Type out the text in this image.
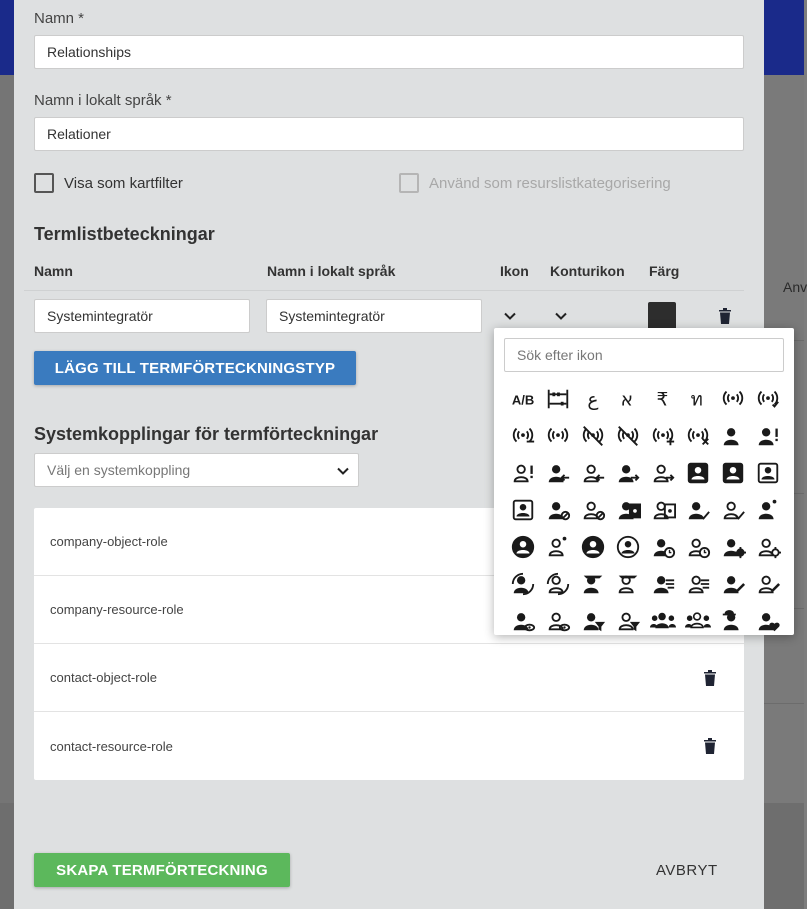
Anv
Namn *
Relationships
Namn i lokalt språk *
Relationer
Visa som kartfilter	Använd som resurslistkategorisering
Termlistbeteckningar
Namn	Namn i lokalt språk	Ikon Konturikon Färg
Systemintegratör	Systemintegratör
LÄGG TILL TERMFÖRTECKNINGSTYP
Systemkopplingar för termförteckningar
Välj en systemkoppling
company-object-role
company-resource-role
contact-object-role
contact-resource-role
SKAPA TERMFÖRTECKNING	AVBRYT
Sök efter ikon
A/B	ع א ₹ ท
